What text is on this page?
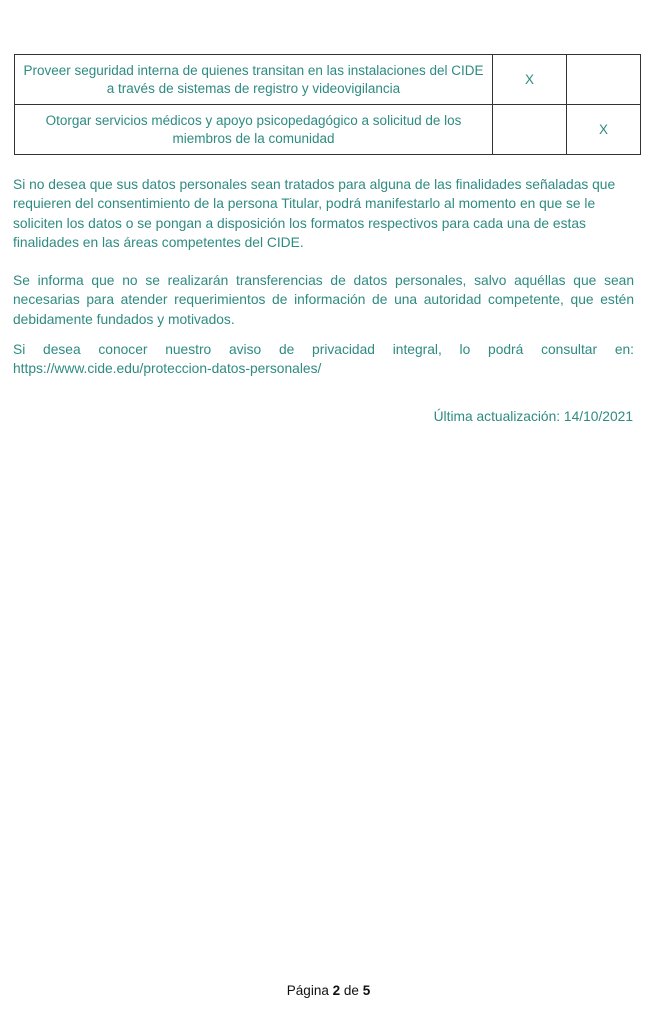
Proveer seguridad interna de quienes transitan en las instalaciones del CIDE a través de sistemas de registro y videovigilancia	X	
Otorgar servicios médicos y apoyo psicopedagógico a solicitud de los miembros de la comunidad		X

Si no desea que sus datos personales sean tratados para alguna de las finalidades señaladas que requieren del consentimiento de la persona Titular, podrá manifestarlo al momento en que se le soliciten los datos o se pongan a disposición los formatos respectivos para cada una de estas finalidades en las áreas competentes del CIDE.

Se informa que no se realizarán transferencias de datos personales, salvo aquéllas que sean necesarias para atender requerimientos de información de una autoridad competente, que estén debidamente fundados y motivados.

Si desea conocer nuestro aviso de privacidad integral, lo podrá consultar en: https://www.cide.edu/proteccion-datos-personales/

Última actualización: 14/10/2021

Página 2 de 5
